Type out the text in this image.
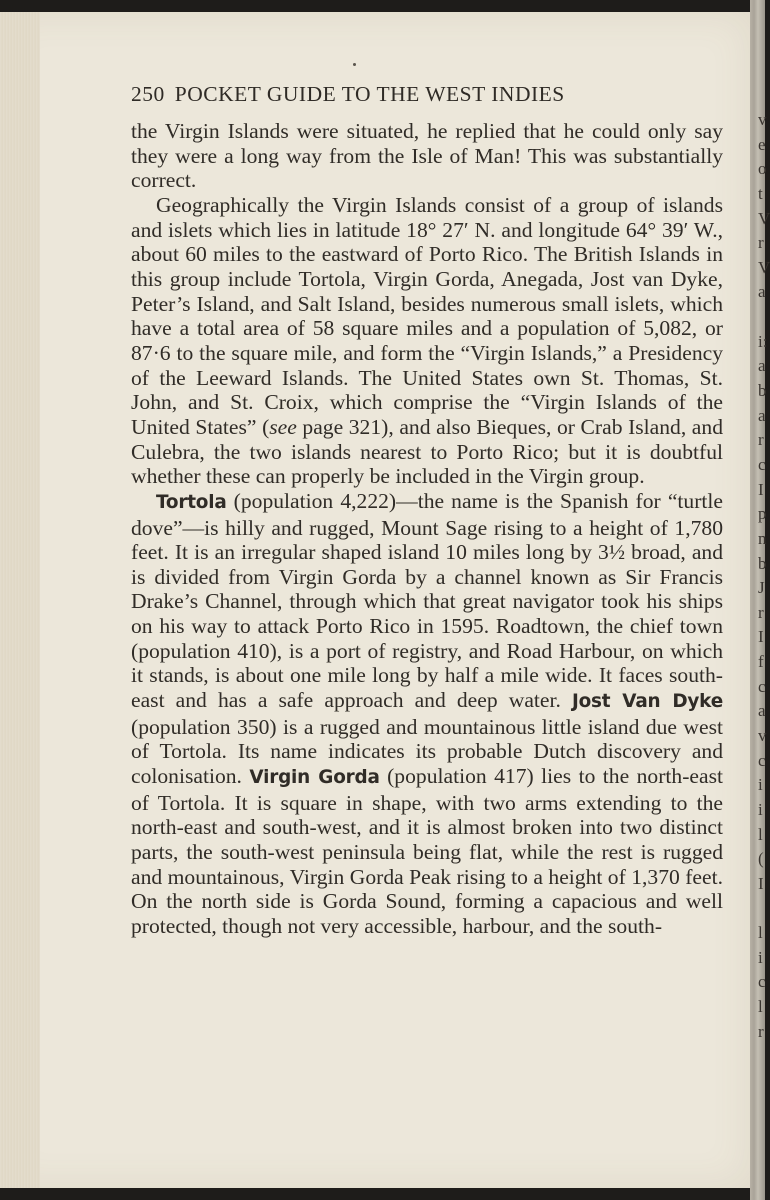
250 POCKET GUIDE TO THE WEST INDIES

the Virgin Islands were situated, he replied that he could only say they were a long way from the Isle of Man! This was substantially correct.

Geographically the Virgin Islands consist of a group of islands and islets which lies in latitude 18° 27′ N. and longitude 64° 39′ W., about 60 miles to the eastward of Porto Rico. The British Islands in this group include Tortola, Virgin Gorda, Anegada, Jost van Dyke, Peter’s Island, and Salt Island, besides numerous small islets, which have a total area of 58 square miles and a population of 5,082, or 87·6 to the square mile, and form the “Virgin Islands,” a Presidency of the Leeward Islands. The United States own St. Thomas, St. John, and St. Croix, which comprise the “Virgin Islands of the United States” (see page 321), and also Bieques, or Crab Island, and Culebra, the two islands nearest to Porto Rico; but it is doubtful whether these can properly be included in the Virgin group.

Tortola (population 4,222)—the name is the Spanish for “turtle dove”—is hilly and rugged, Mount Sage rising to a height of 1,780 feet. It is an irregular shaped island 10 miles long by 3½ broad, and is divided from Virgin Gorda by a channel known as Sir Francis Drake’s Channel, through which that great navigator took his ships on his way to attack Porto Rico in 1595. Roadtown, the chief town (population 410), is a port of registry, and Road Harbour, on which it stands, is about one mile long by half a mile wide. It faces south-east and has a safe approach and deep water. Jost Van Dyke (population 350) is a rugged and mountainous little island due west of Tortola. Its name indicates its probable Dutch discovery and colonisation. Virgin Gorda (population 417) lies to the north-east of Tortola. It is square in shape, with two arms extending to the north-east and south-west, and it is almost broken into two distinct parts, the south-west peninsula being flat, while the rest is rugged and mountainous, Virgin Gorda Peak rising to a height of 1,370 feet. On the north side is Gorda Sound, forming a capacious and well protected, though not very accessible, harbour, and the south-

v
e
o
t
V
r
V
a
i:
a
b
a
r
c
I
p
n
b
J
r
I
f
c
a
v
c
i
i
l
(
I
l
i
c
l
r
